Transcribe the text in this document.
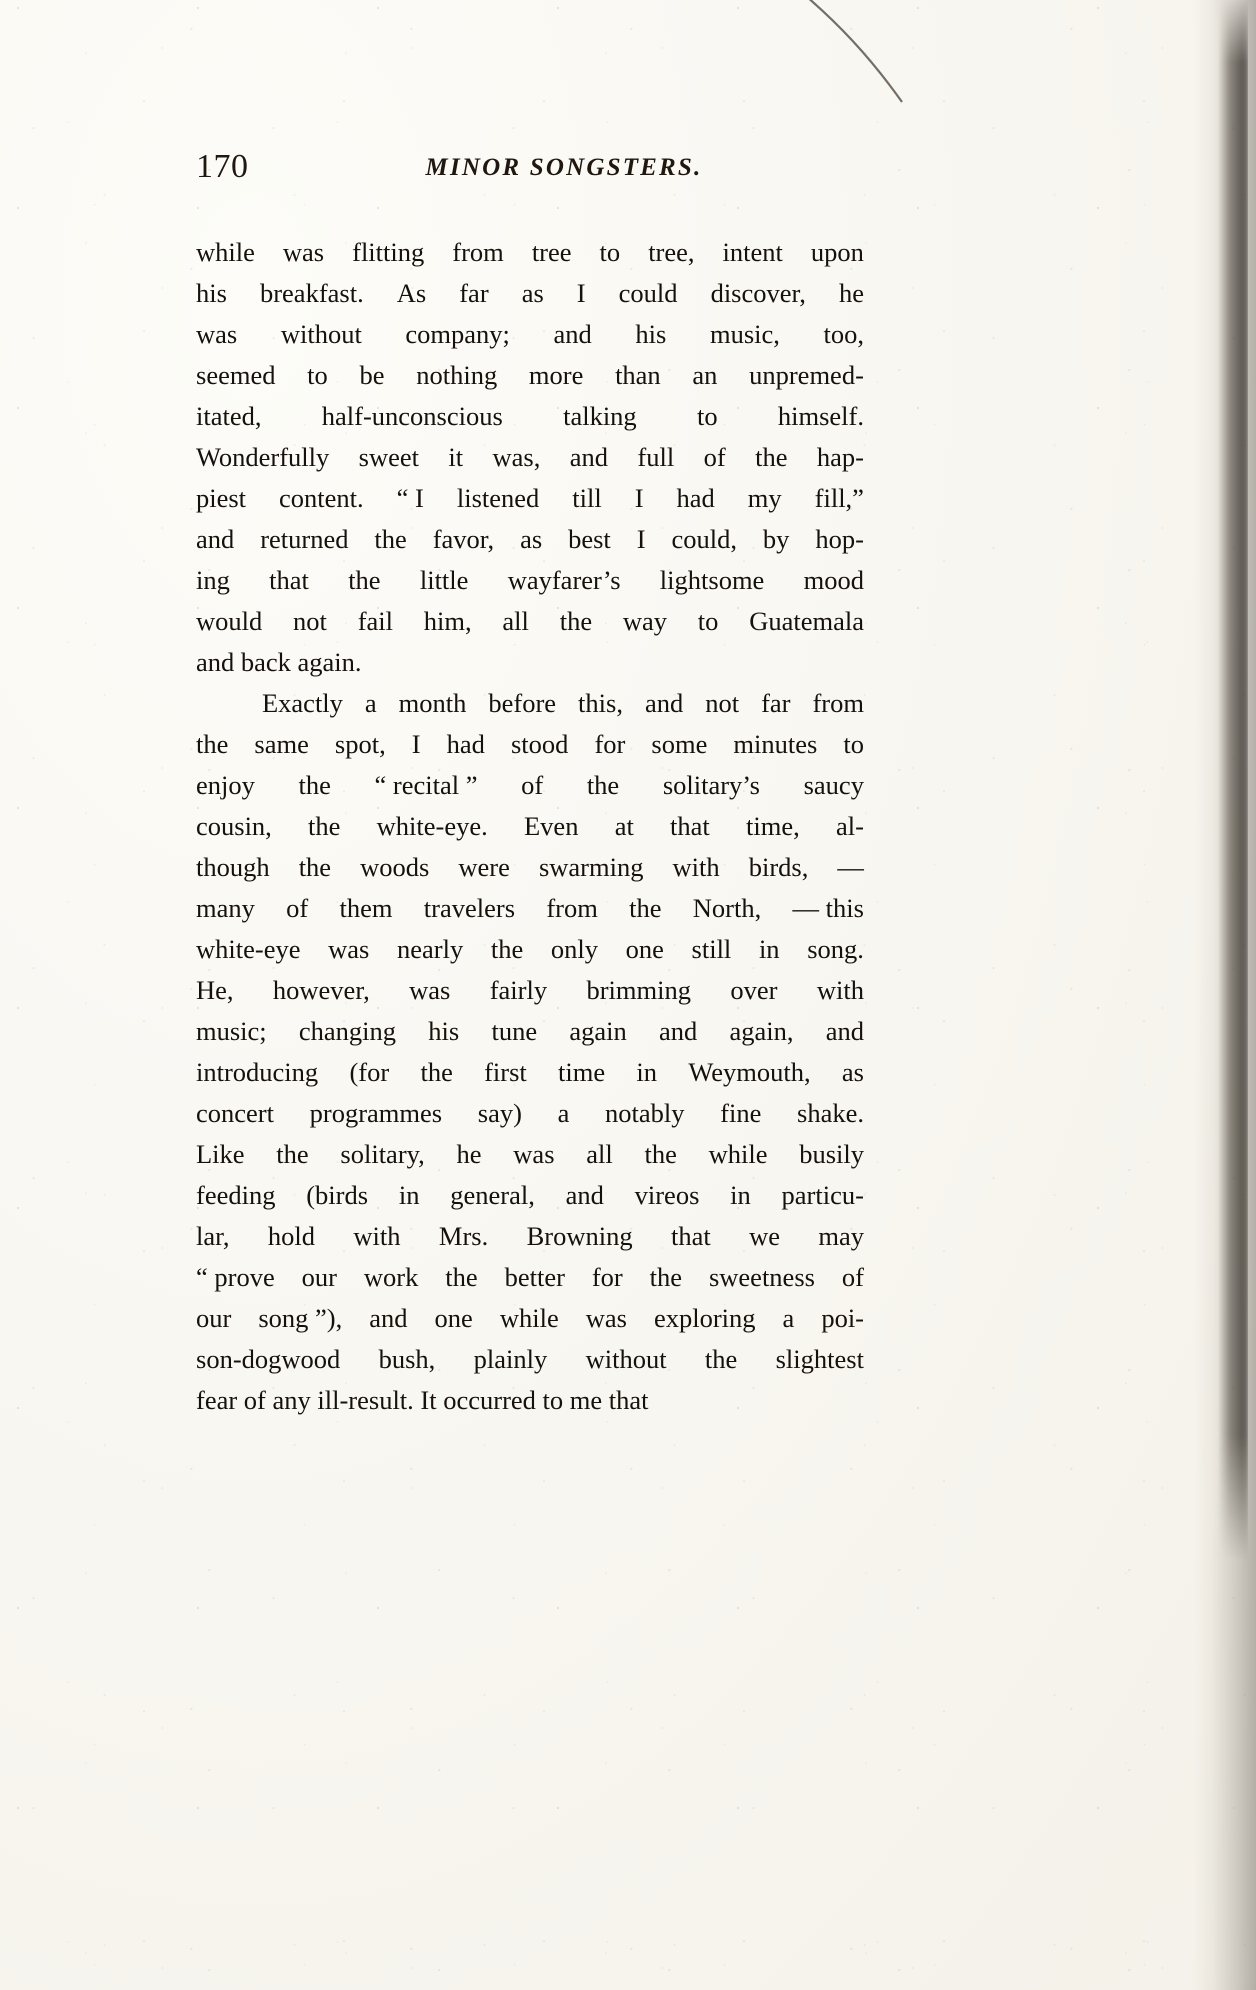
170	MINOR SONGSTERS.

while was flitting from tree to tree, intent upon
his breakfast. As far as I could discover, he
was without company; and his music, too,
seemed to be nothing more than an unpremed-
itated, half-unconscious talking to himself.
Wonderfully sweet it was, and full of the hap-
piest content. “ I listened till I had my fill,”
and returned the favor, as best I could, by hop-
ing that the little wayfarer’s lightsome mood
would not fail him, all the way to Guatemala
and back again.

Exactly a month before this, and not far from
the same spot, I had stood for some minutes to
enjoy the “ recital ” of the solitary’s saucy
cousin, the white-eye. Even at that time, al-
though the woods were swarming with birds, —
many of them travelers from the North, — this
white-eye was nearly the only one still in song.
He, however, was fairly brimming over with
music; changing his tune again and again, and
introducing (for the first time in Weymouth, as
concert programmes say) a notably fine shake.
Like the solitary, he was all the while busily
feeding (birds in general, and vireos in particu-
lar, hold with Mrs. Browning that we may
“ prove our work the better for the sweetness of
our song ”), and one while was exploring a poi-
son-dogwood bush, plainly without the slightest
fear of any ill-result. It occurred to me that
